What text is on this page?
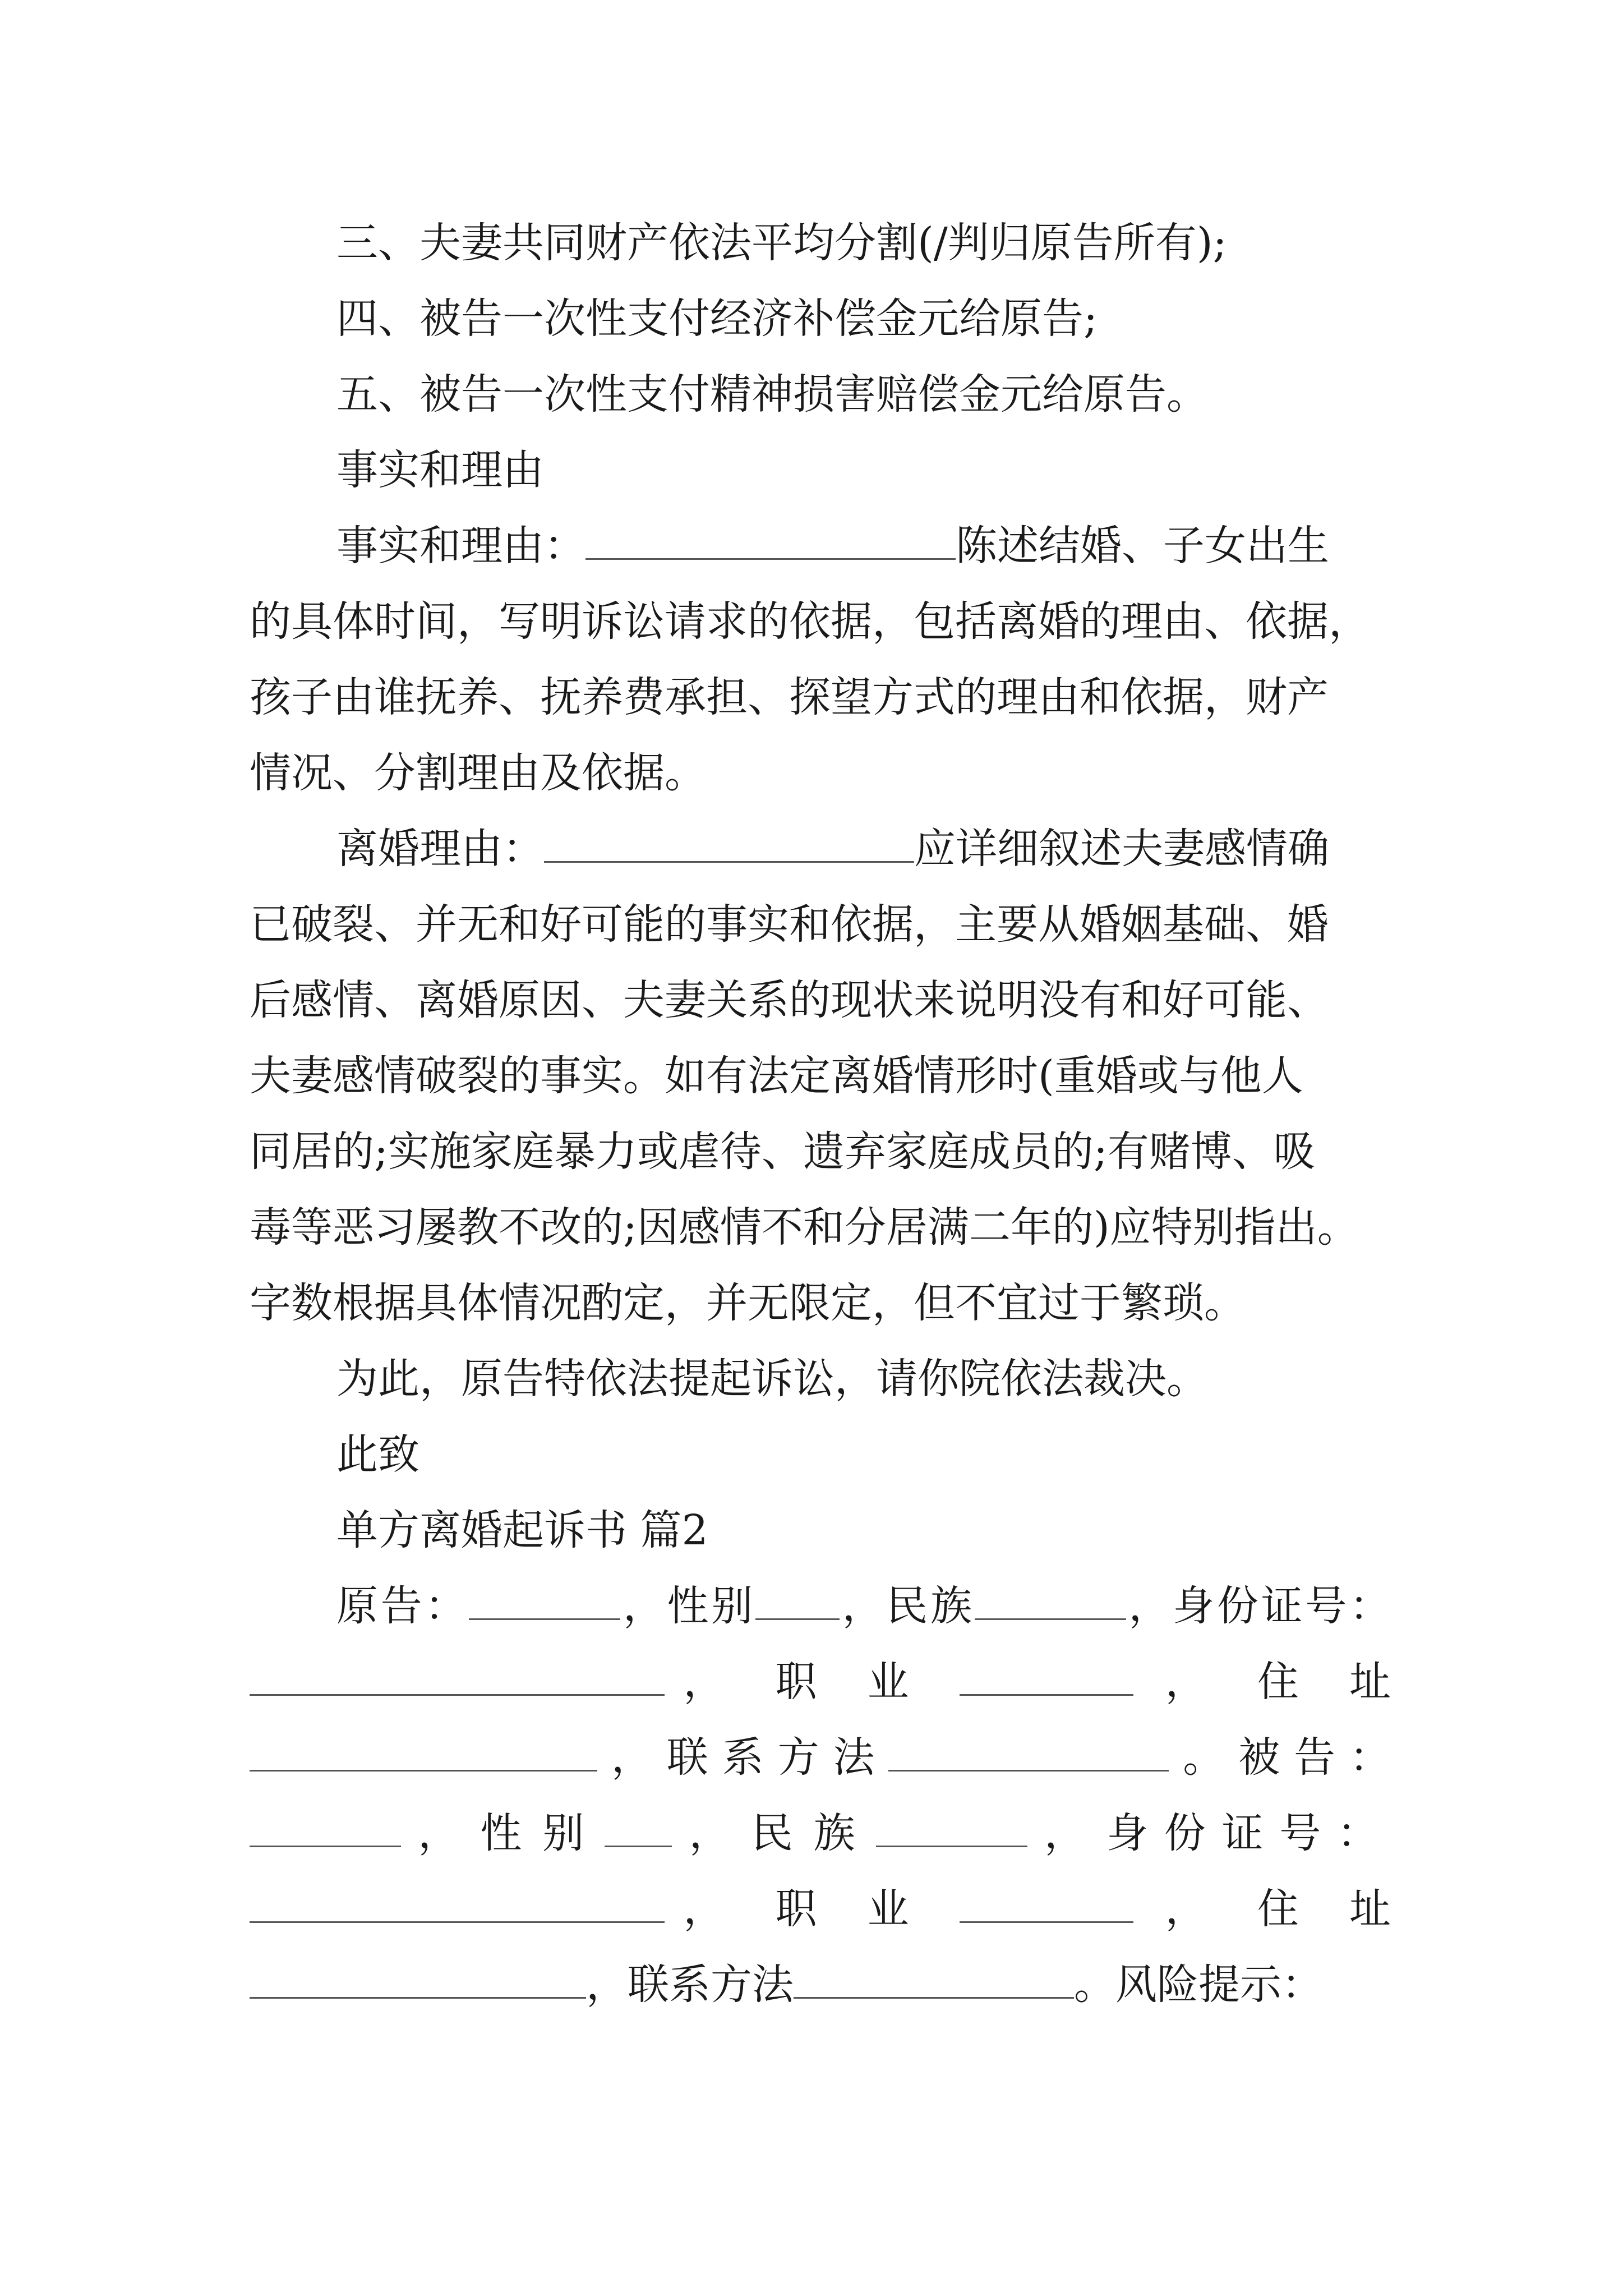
三、夫妻共同财产依法平均分割(/判归原告所有);
四、被告一次性支付经济补偿金元给原告;
五、被告一次性支付精神损害赔偿金元给原告。
事实和理由
事实和理由：	陈述结婚、子女出生
的具体时间，写明诉讼请求的依据，包括离婚的理由、依据，
孩子由谁抚养、抚养费承担、探望方式的理由和依据，财产
情况、分割理由及依据。
离婚理由：	应详细叙述夫妻感情确
已破裂、并无和好可能的事实和依据，主要从婚姻基础、婚
后感情、离婚原因、夫妻关系的现状来说明没有和好可能、
夫妻感情破裂的事实。如有法定离婚情形时(重婚或与他人
同居的;实施家庭暴力或虐待、遗弃家庭成员的;有赌博、吸
毒等恶习屡教不改的;因感情不和分居满二年的)应特别指出。
字数根据具体情况酌定，并无限定，但不宜过于繁琐。
为此，原告特依法提起诉讼，请你院依法裁决。
此致
单方离婚起诉书 篇2
原告：	，性别 ，民族	，身份证号：
， 职 业	， 住 址
，联系方法	。被告：
， 性 别 ， 民 族	， 身份证号：
， 职 业	， 住 址
，联系方法	。风险提示：
